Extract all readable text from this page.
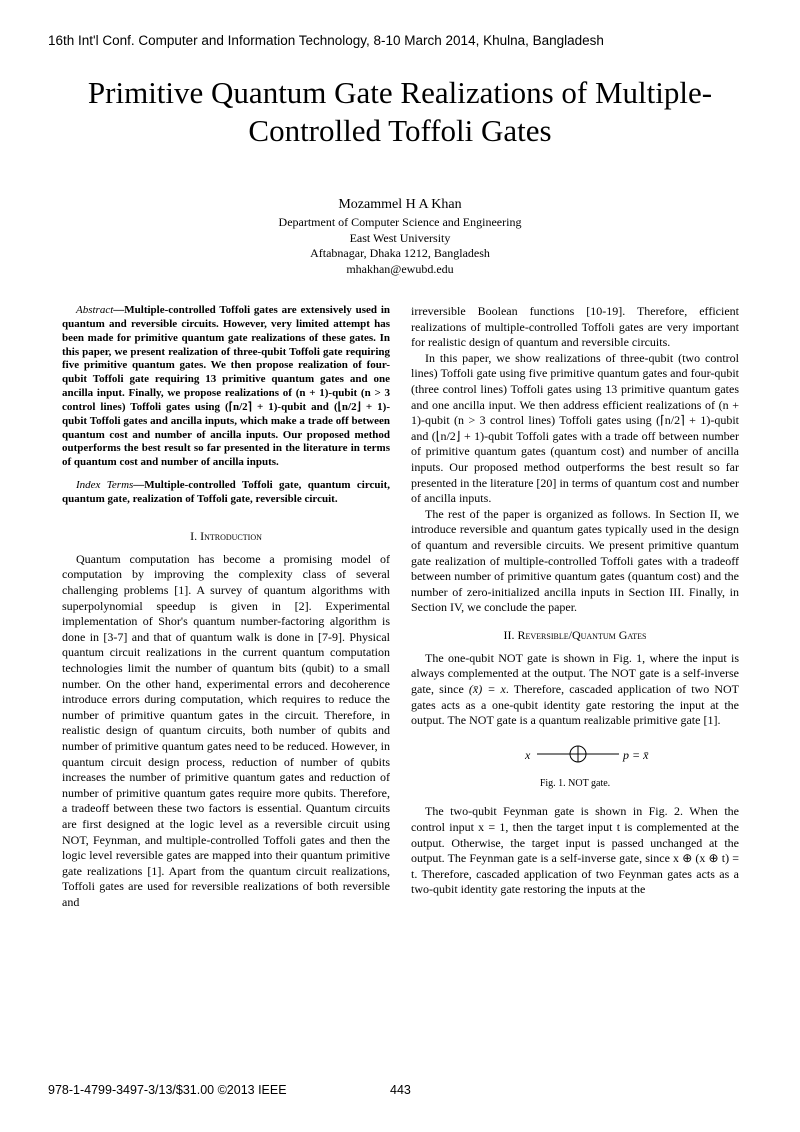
16th Int'l Conf. Computer and Information Technology, 8-10 March 2014, Khulna, Bangladesh
Primitive Quantum Gate Realizations of Multiple-Controlled Toffoli Gates
Mozammel H A Khan
Department of Computer Science and Engineering
East West University
Aftabnagar, Dhaka 1212, Bangladesh
mhakhan@ewubd.edu

Abstract—Multiple-controlled Toffoli gates are extensively used in quantum and reversible circuits. However, very limited attempt has been made for primitive quantum gate realizations of these gates. In this paper, we present realization of three-qubit Toffoli gate requiring five primitive quantum gates. We then propose realization of four-qubit Toffoli gate requiring 13 primitive quantum gates and one ancilla input. Finally, we propose realizations of (n + 1)-qubit (n > 3 control lines) Toffoli gates using (⌈n/2⌉ + 1)-qubit and (⌊n/2⌋ + 1)-qubit Toffoli gates and ancilla inputs, which make a trade off between quantum cost and number of ancilla inputs. Our proposed method outperforms the best result so far presented in the literature in terms of quantum cost and number of ancilla inputs.

Index Terms—Multiple-controlled Toffoli gate, quantum circuit, quantum gate, realization of Toffoli gate, reversible circuit.

I. Introduction

Quantum computation has become a promising model of computation by improving the complexity class of several challenging problems [1]. A survey of quantum algorithms with superpolynomial speedup is given in [2]. Experimental implementation of Shor's quantum number-factoring algorithm is done in [3-7] and that of quantum walk is done in [7-9]. Physical quantum circuit realizations in the current quantum computation technologies limit the number of quantum bits (qubit) to a small number. On the other hand, experimental errors and decoherence introduce errors during computation, which requires to reduce the number of primitive quantum gates in the circuit. Therefore, in realistic design of quantum circuits, both number of qubits and number of primitive quantum gates need to be reduced. However, in quantum circuit design process, reduction of number of qubits increases the number of primitive quantum gates and reduction of number of primitive quantum gates require more qubits. Therefore, a tradeoff between these two factors is essential. Quantum circuits are first designed at the logic level as a reversible circuit using NOT, Feynman, and multiple-controlled Toffoli gates and then the logic level reversible gates are mapped into their quantum primitive gate realizations [1]. Apart from the quantum circuit realizations, Toffoli gates are used for reversible realizations of both reversible and

irreversible Boolean functions [10-19]. Therefore, efficient realizations of multiple-controlled Toffoli gates are very important for realistic design of quantum and reversible circuits.

In this paper, we show realizations of three-qubit (two control lines) Toffoli gate using five primitive quantum gates and four-qubit (three control lines) Toffoli gates using 13 primitive quantum gates and one ancilla input. We then address efficient realizations of (n + 1)-qubit (n > 3 control lines) Toffoli gates using (⌈n/2⌉ + 1)-qubit and (⌊n/2⌋ + 1)-qubit Toffoli gates with a trade off between number of primitive quantum gates (quantum cost) and number of ancilla inputs. Our proposed method outperforms the best result so far presented in the literature [20] in terms of quantum cost and number of ancilla inputs.

The rest of the paper is organized as follows. In Section II, we introduce reversible and quantum gates typically used in the design of quantum and reversible circuits. We present primitive quantum gate realization of multiple-controlled Toffoli gates with a tradeoff between number of primitive quantum gates (quantum cost) and the number of zero-initialized ancilla inputs in Section III. Finally, in Section IV, we conclude the paper.

II. Reversible/Quantum Gates

The one-qubit NOT gate is shown in Fig. 1, where the input is always complemented at the output. The NOT gate is a self-inverse gate, since (x̄) = x. Therefore, cascaded application of two NOT gates acts as a one-qubit identity gate restoring the input at the output. The NOT gate is a quantum realizable primitive gate [1].

x	p = x̄
Fig. 1. NOT gate.

The two-qubit Feynman gate is shown in Fig. 2. When the control input x = 1, then the target input t is complemented at the output. Otherwise, the target input is passed unchanged at the output. The Feynman gate is a self-inverse gate, since x ⊕ (x ⊕ t) = t. Therefore, cascaded application of two Feynman gates acts as a two-qubit identity gate restoring the inputs at the

978-1-4799-3497-3/13/$31.00 ©2013 IEEE	443
